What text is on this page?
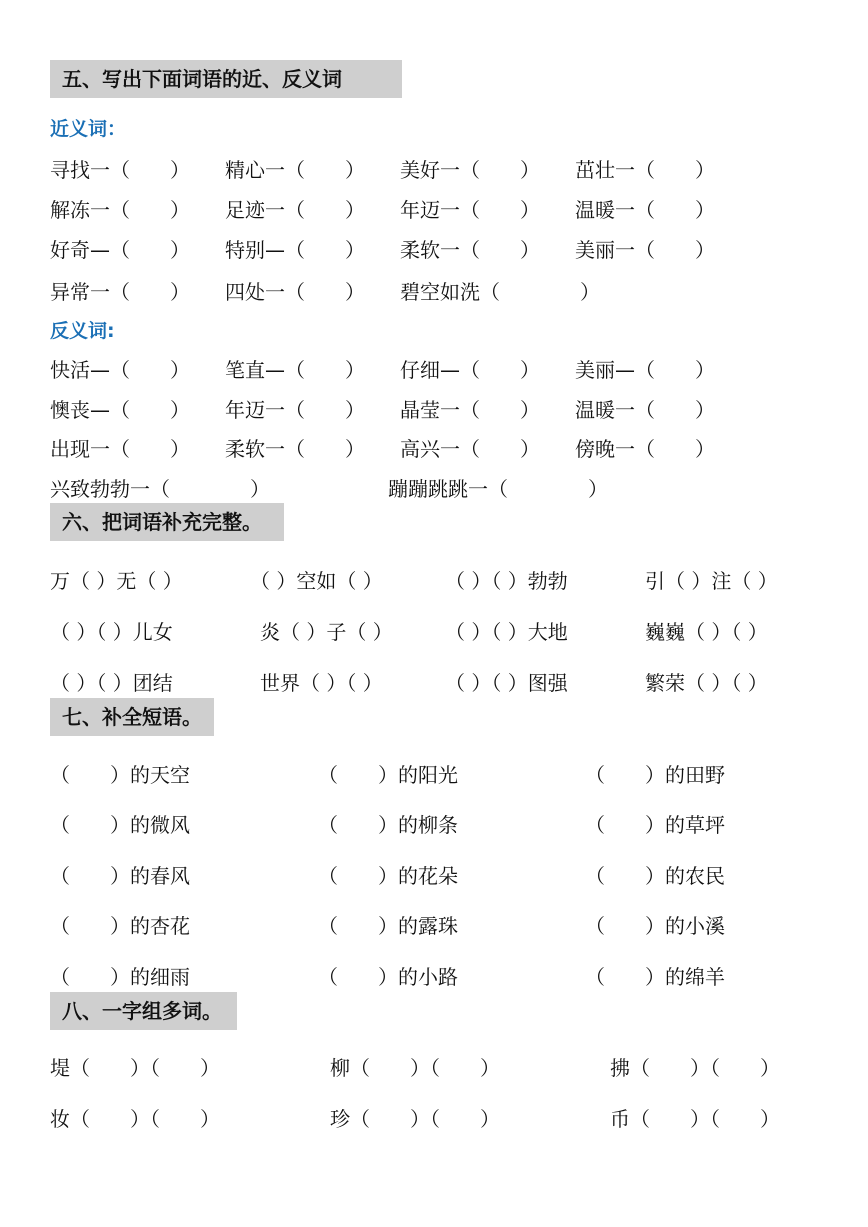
五、写出下面词语的近、反义词
近义词：
寻找一（　　） 精心一（　　） 美好一（　　） 茁壮一（　　）
解冻一（　　） 足迹一（　　） 年迈一（　　） 温暖一（　　）
好奇—（　　） 特别—（　　） 柔软一（　　） 美丽一（　　）
异常一（　　） 四处一（　　） 碧空如洗（　　　　）
反义词:
快活—（　　） 笔直—（　　） 仔细—（　　） 美丽—（　　）
懊丧—（　　） 年迈一（　　） 晶莹一（　　） 温暖一（　　）
出现一（　　） 柔软一（　　） 高兴一（　　） 傍晚一（　　）
兴致勃勃一（　　　　）	蹦蹦跳跳一（　　　　）
六、把词语补充完整。
万（ ）无（ ）	（ ）空如（ ）	（ ）（ ）勃勃	引（ ）注（ ）
（ ）（ ）儿女	炎（ ）子（ ）	（ ）（ ）大地	巍巍（ ）（ ）
（ ）（ ）团结	世界（ ）（ ）	（ ）（ ）图强	繁荣（ ）（ ）
七、补全短语。
（　　）的天空	（　　）的阳光	（　　）的田野
（　　）的微风	（　　）的柳条	（　　）的草坪
（　　）的春风	（　　）的花朵	（　　）的农民
（　　）的杏花	（　　）的露珠	（　　）的小溪
（　　）的细雨	（　　）的小路	（　　）的绵羊
八、一字组多词。
堤（　　）（　　）	柳（　　）（　　）	拂（　　）（　　）
妆（　　）（　　）	珍（　　）（　　）	币（　　）（　　）
